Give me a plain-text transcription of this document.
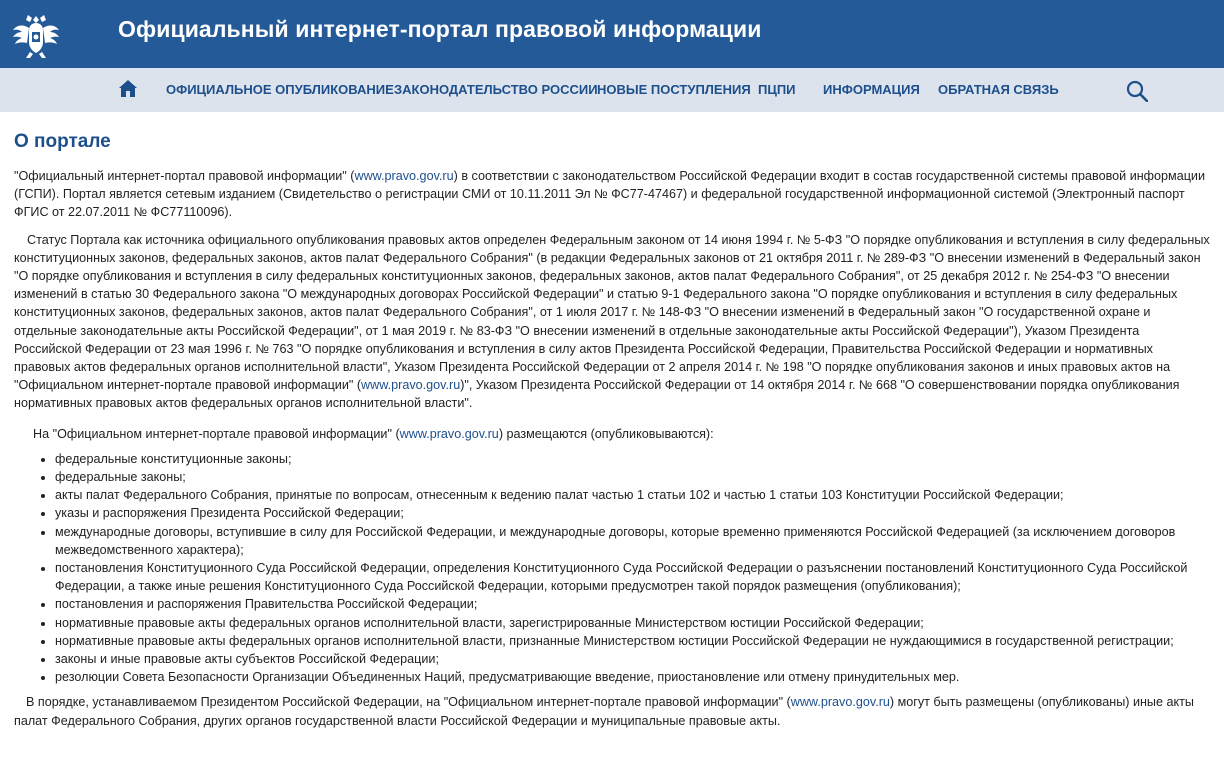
Официальный интернет-портал правовой информации
ОФИЦИАЛЬНОЕ ОПУБЛИКОВАНИЕ ЗАКОНОДАТЕЛЬСТВО РОССИИ НОВЫЕ ПОСТУПЛЕНИЯ ПЦПИ ИНФОРМАЦИЯ ОБРАТНАЯ СВЯЗЬ
О портале

"Официальный интернет-портал правовой информации" (www.pravo.gov.ru) в соответствии с законодательством Российской Федерации входит в состав государственной системы правовой информации (ГСПИ). Портал является сетевым изданием (Свидетельство о регистрации СМИ от 10.11.2011 Эл № ФС77-47467) и федеральной государственной информационной системой (Электронный паспорт ФГИС от 22.07.2011 № ФС77110096).

Статус Портала как источника официального опубликования правовых актов определен Федеральным законом от 14 июня 1994 г. № 5-ФЗ "О порядке опубликования и вступления в силу федеральных конституционных законов, федеральных законов, актов палат Федерального Собрания" (в редакции Федеральных законов от 21 октября 2011 г. № 289-ФЗ "О внесении изменений в Федеральный закон "О порядке опубликования и вступления в силу федеральных конституционных законов, федеральных законов, актов палат Федерального Собрания", от 25 декабря 2012 г. № 254-ФЗ "О внесении изменений в статью 30 Федерального закона "О международных договорах Российской Федерации" и статью 9-1 Федерального закона "О порядке опубликования и вступления в силу федеральных конституционных законов, федеральных законов, актов палат Федерального Собрания", от 1 июля 2017 г. № 148-ФЗ "О внесении изменений в Федеральный закон "О государственной охране и отдельные законодательные акты Российской Федерации", от 1 мая 2019 г. № 83-ФЗ "О внесении изменений в отдельные законодательные акты Российской Федерации"), Указом Президента Российской Федерации от 23 мая 1996 г. № 763 "О порядке опубликования и вступления в силу актов Президента Российской Федерации, Правительства Российской Федерации и нормативных правовых актов федеральных органов исполнительной власти", Указом Президента Российской Федерации от 2 апреля 2014 г. № 198 "О порядке опубликования законов и иных правовых актов на "Официальном интернет-портале правовой информации" (www.pravo.gov.ru)", Указом Президента Российской Федерации от 14 октября 2014 г. № 668 "О совершенствовании порядка опубликования нормативных правовых актов федеральных органов исполнительной власти".

На "Официальном интернет-портале правовой информации" (www.pravo.gov.ru) размещаются (опубликовываются):

• федеральные конституционные законы;
• федеральные законы;
• акты палат Федерального Собрания, принятые по вопросам, отнесенным к ведению палат частью 1 статьи 102 и частью 1 статьи 103 Конституции Российской Федерации;
• указы и распоряжения Президента Российской Федерации;
• международные договоры, вступившие в силу для Российской Федерации, и международные договоры, которые временно применяются Российской Федерацией (за исключением договоров межведомственного характера);
• постановления Конституционного Суда Российской Федерации, определения Конституционного Суда Российской Федерации о разъяснении постановлений Конституционного Суда Российской Федерации, а также иные решения Конституционного Суда Российской Федерации, которыми предусмотрен такой порядок размещения (опубликования);
• постановления и распоряжения Правительства Российской Федерации;
• нормативные правовые акты федеральных органов исполнительной власти, зарегистрированные Министерством юстиции Российской Федерации;
• нормативные правовые акты федеральных органов исполнительной власти, признанные Министерством юстиции Российской Федерации не нуждающимися в государственной регистрации;
• законы и иные правовые акты субъектов Российской Федерации;
• резолюции Совета Безопасности Организации Объединенных Наций, предусматривающие введение, приостановление или отмену принудительных мер.

В порядке, устанавливаемом Президентом Российской Федерации, на "Официальном интернет-портале правовой информации" (www.pravo.gov.ru) могут быть размещены (опубликованы) иные акты палат Федерального Собрания, других органов государственной власти Российской Федерации и муниципальные правовые акты.
